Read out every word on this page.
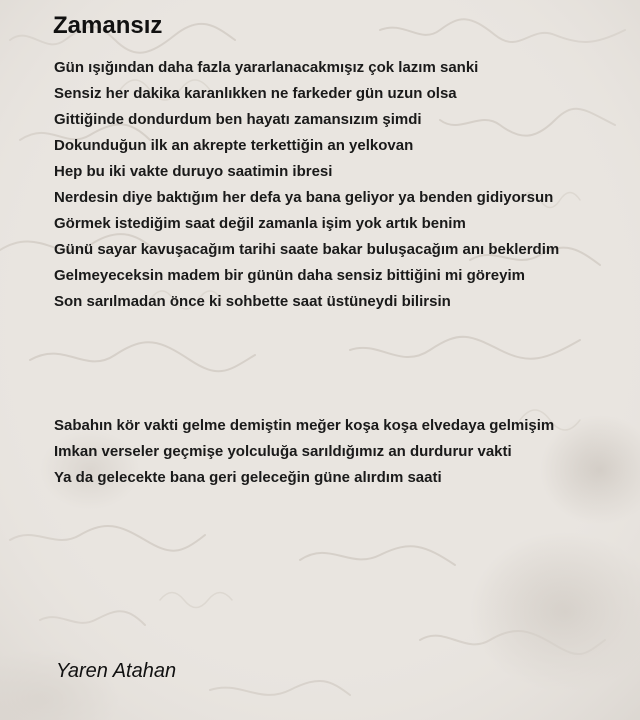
Zamansız
Gün ışığından daha fazla yararlanacakmışız çok lazım sanki
Sensiz her dakika karanlıkken ne farkeder gün uzun olsa
Gittiğinde dondurdum ben hayatı zamansızım şimdi
Dokunduğun ilk an akrepte terkettiğin an yelkovan
Hep bu iki vakte duruyo saatimin ibresi
Nerdesin diye baktığım her defa ya bana geliyor ya benden gidiyorsun
Görmek istediğim saat değil zamanla işim yok artık benim
Günü sayar kavuşacağım tarihi saate bakar buluşacağım anı beklerdim
Gelmeyeceksin madem bir günün daha sensiz bittiğini mi göreyim
Son sarılmadan önce ki sohbette saat üstüneydi bilirsin
Sabahın kör vakti gelme demiştin meğer koşa koşa elvedaya gelmişim
Imkan verseler geçmişe yolculuğa sarıldığımız an durdurur vakti
Ya da gelecekte bana geri geleceğin güne alırdım saati
Yaren Atahan
